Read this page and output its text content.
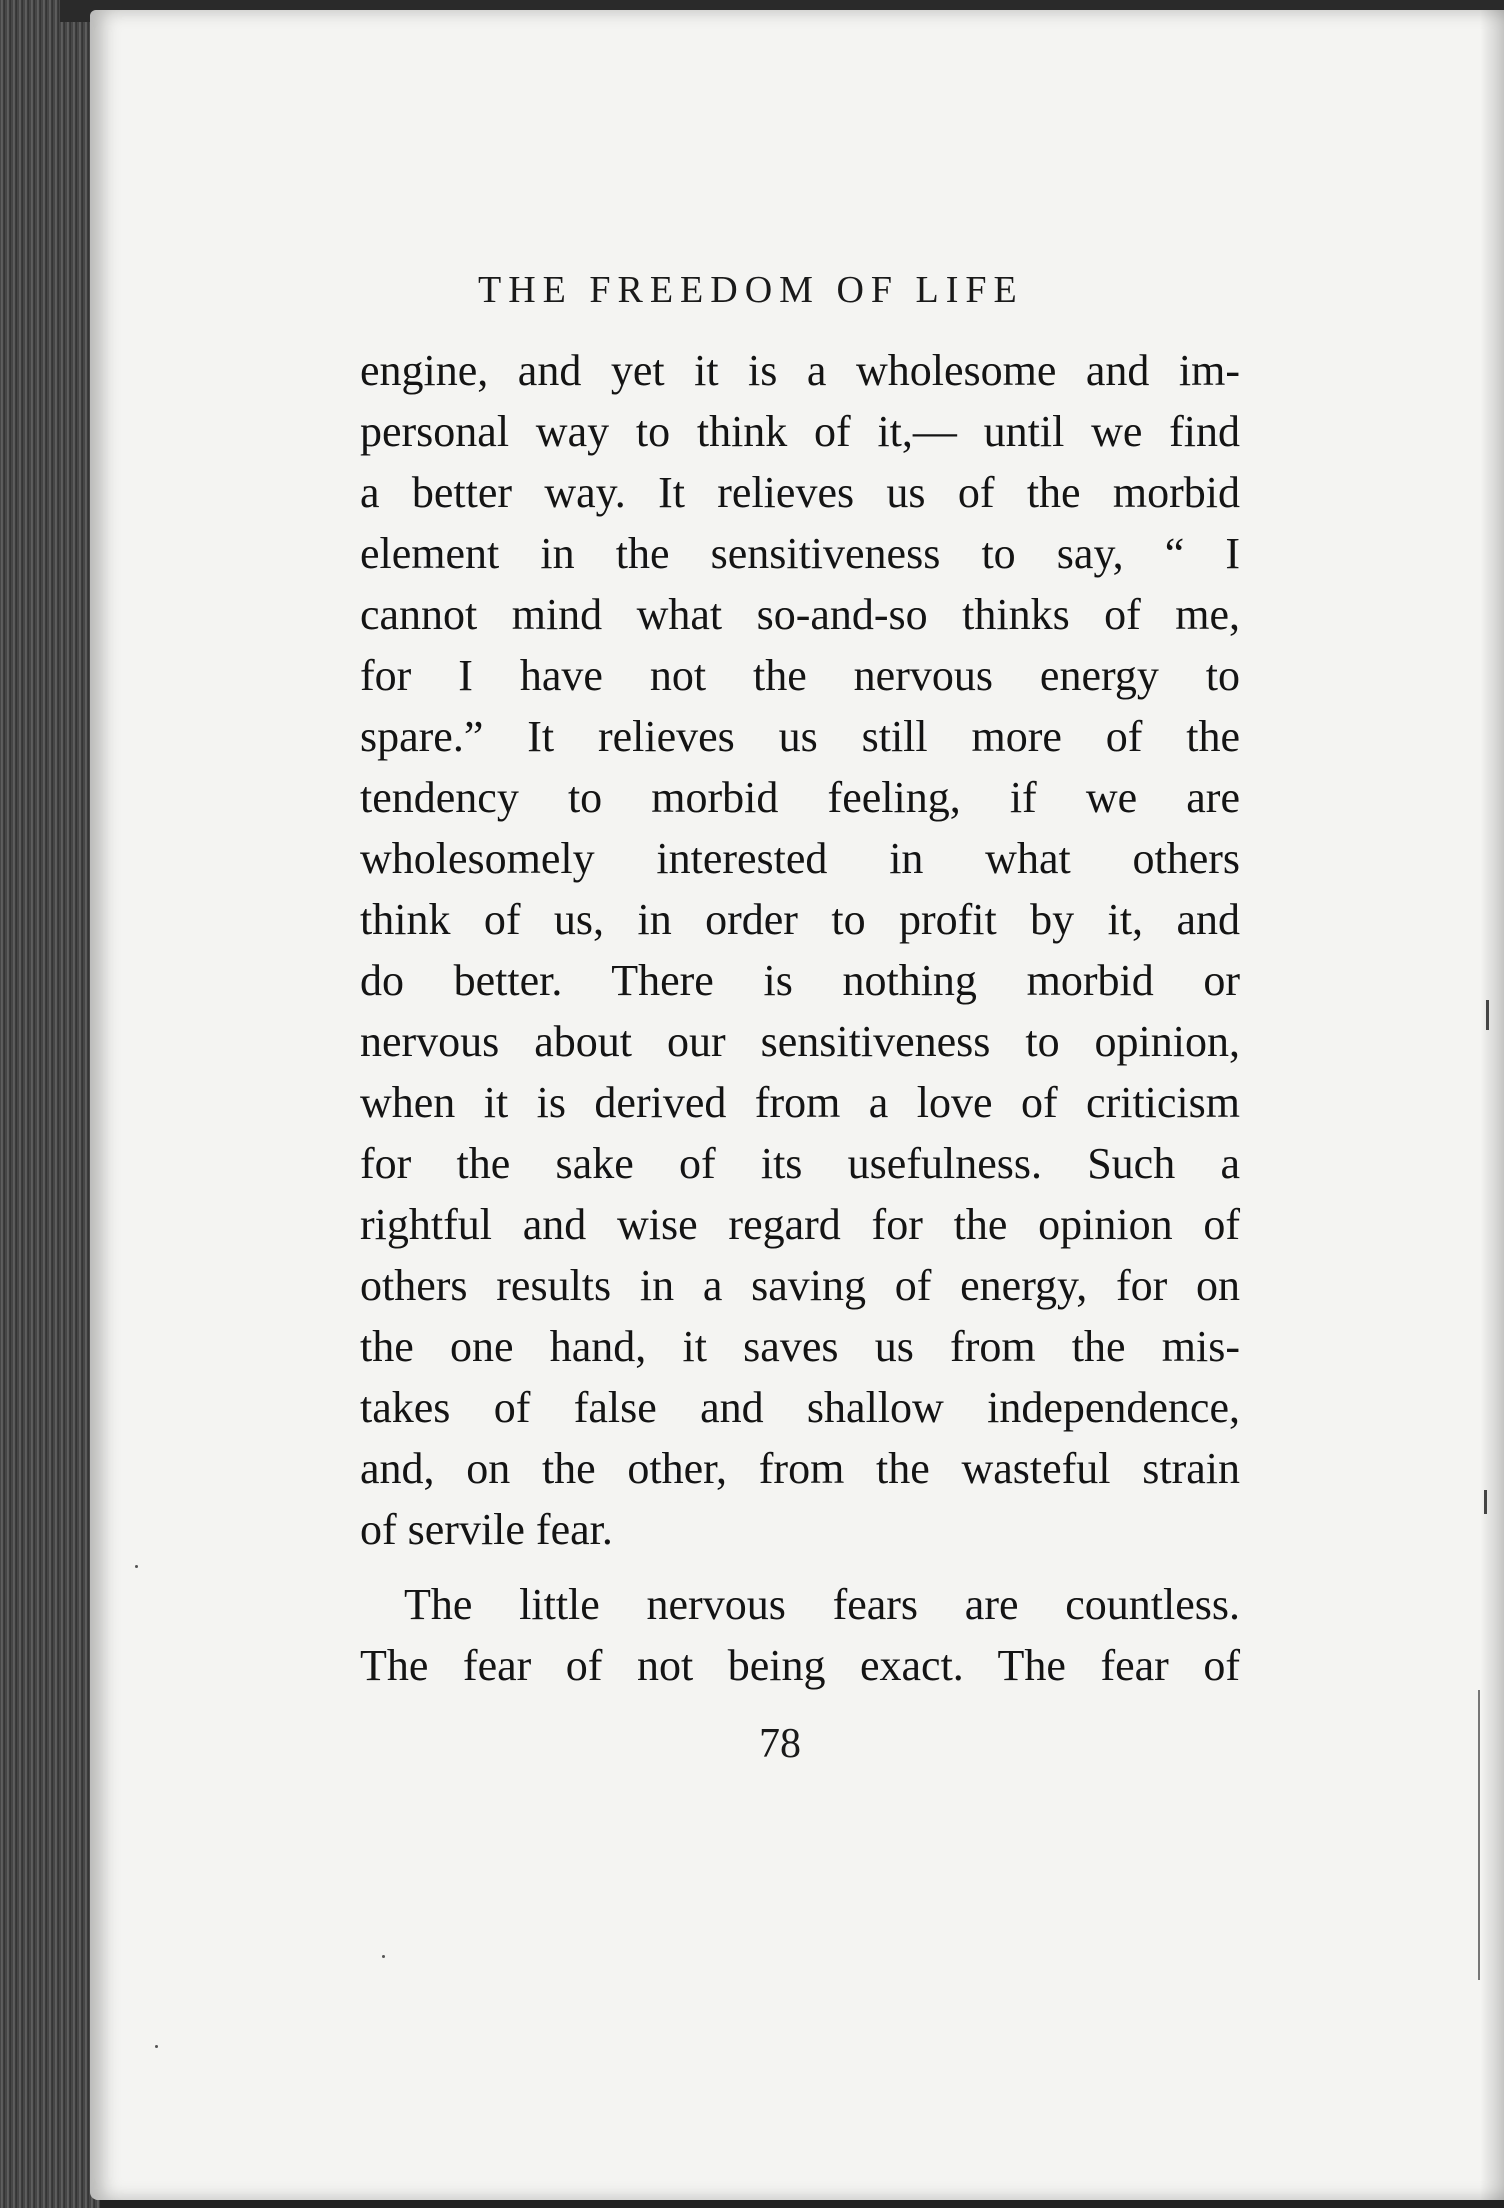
THE FREEDOM OF LIFE
engine, and yet it is a wholesome and im-
personal way to think of it,— until we find
a better way. It relieves us of the morbid
element in the sensitiveness to say, “ I
cannot mind what so-and-so thinks of me,
for I have not the nervous energy to
spare.” It relieves us still more of the
tendency to morbid feeling, if we are
wholesomely interested in what others
think of us, in order to profit by it, and
do better. There is nothing morbid or
nervous about our sensitiveness to opinion,
when it is derived from a love of criticism
for the sake of its usefulness. Such a
rightful and wise regard for the opinion of
others results in a saving of energy, for on
the one hand, it saves us from the mis-
takes of false and shallow independence,
and, on the other, from the wasteful strain
of servile fear.
The little nervous fears are countless.
The fear of not being exact. The fear of
78
